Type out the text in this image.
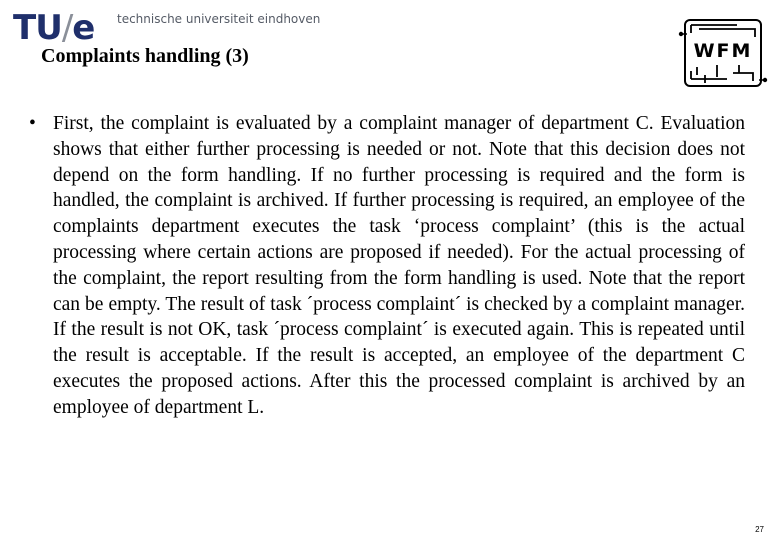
TU/e technische universiteit eindhoven
Complaints handling (3)	WFM
• First, the complaint is evaluated by a complaint manager of department C. Evaluation shows that either further processing is needed or not. Note that this decision does not depend on the form handling. If no further processing is required and the form is handled, the complaint is archived. If further processing is required, an employee of the complaints department executes the task ‘process complaint’ (this is the actual processing where certain actions are proposed if needed). For the actual processing of the complaint, the report resulting from the form handling is used. Note that the report can be empty. The result of task ´process complaint´ is checked by a complaint manager. If the result is not OK, task ´process complaint´ is executed again. This is repeated until the result is acceptable. If the result is accepted, an employee of the department C executes the proposed actions. After this the processed complaint is archived by an employee of department L.
27
